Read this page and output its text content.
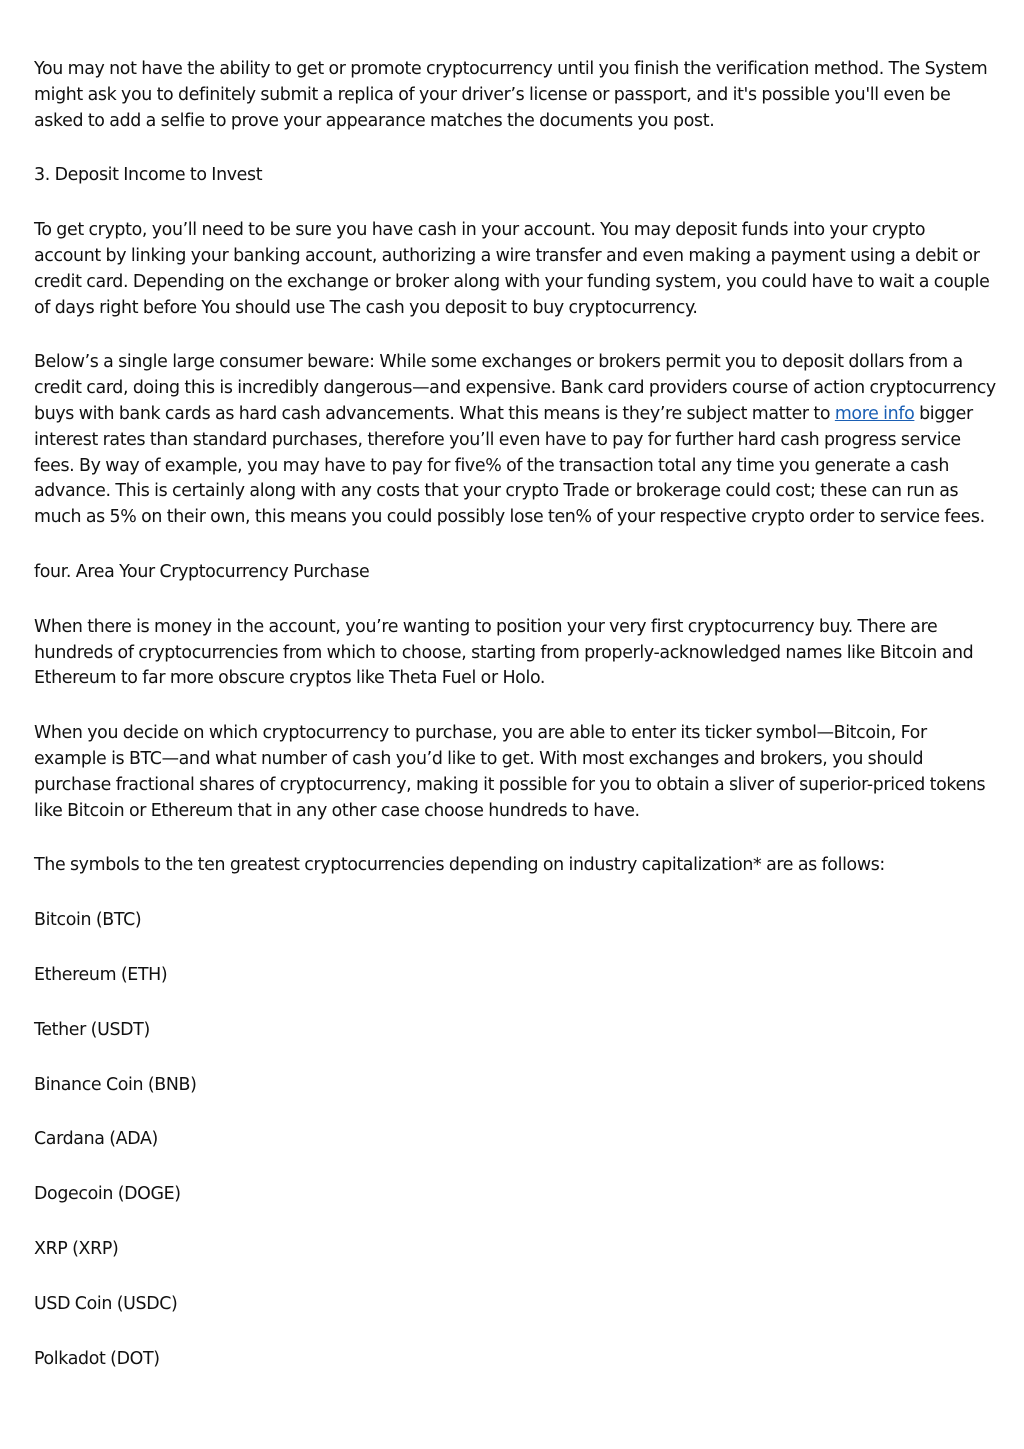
You may not have the ability to get or promote cryptocurrency until you finish the verification method. The System might ask you to definitely submit a replica of your driver’s license or passport, and it's possible you'll even be asked to add a selfie to prove your appearance matches the documents you post.

3. Deposit Income to Invest

To get crypto, you’ll need to be sure you have cash in your account. You may deposit funds into your crypto account by linking your banking account, authorizing a wire transfer and even making a payment using a debit or credit card. Depending on the exchange or broker along with your funding system, you could have to wait a couple of days right before You should use The cash you deposit to buy cryptocurrency.

Below’s a single large consumer beware: While some exchanges or brokers permit you to deposit dollars from a credit card, doing this is incredibly dangerous—and expensive. Bank card providers course of action cryptocurrency buys with bank cards as hard cash advancements. What this means is they’re subject matter to more info bigger interest rates than standard purchases, therefore you’ll even have to pay for further hard cash progress service fees. By way of example, you may have to pay for five% of the transaction total any time you generate a cash advance. This is certainly along with any costs that your crypto Trade or brokerage could cost; these can run as much as 5% on their own, this means you could possibly lose ten% of your respective crypto order to service fees.

four. Area Your Cryptocurrency Purchase

When there is money in the account, you’re wanting to position your very first cryptocurrency buy. There are hundreds of cryptocurrencies from which to choose, starting from properly-acknowledged names like Bitcoin and Ethereum to far more obscure cryptos like Theta Fuel or Holo.

When you decide on which cryptocurrency to purchase, you are able to enter its ticker symbol—Bitcoin, For example is BTC—and what number of cash you’d like to get. With most exchanges and brokers, you should purchase fractional shares of cryptocurrency, making it possible for you to obtain a sliver of superior-priced tokens like Bitcoin or Ethereum that in any other case choose hundreds to have.

The symbols to the ten greatest cryptocurrencies depending on industry capitalization* are as follows:

Bitcoin (BTC)

Ethereum (ETH)

Tether (USDT)

Binance Coin (BNB)

Cardana (ADA)

Dogecoin (DOGE)

XRP (XRP)

USD Coin (USDC)

Polkadot (DOT)
